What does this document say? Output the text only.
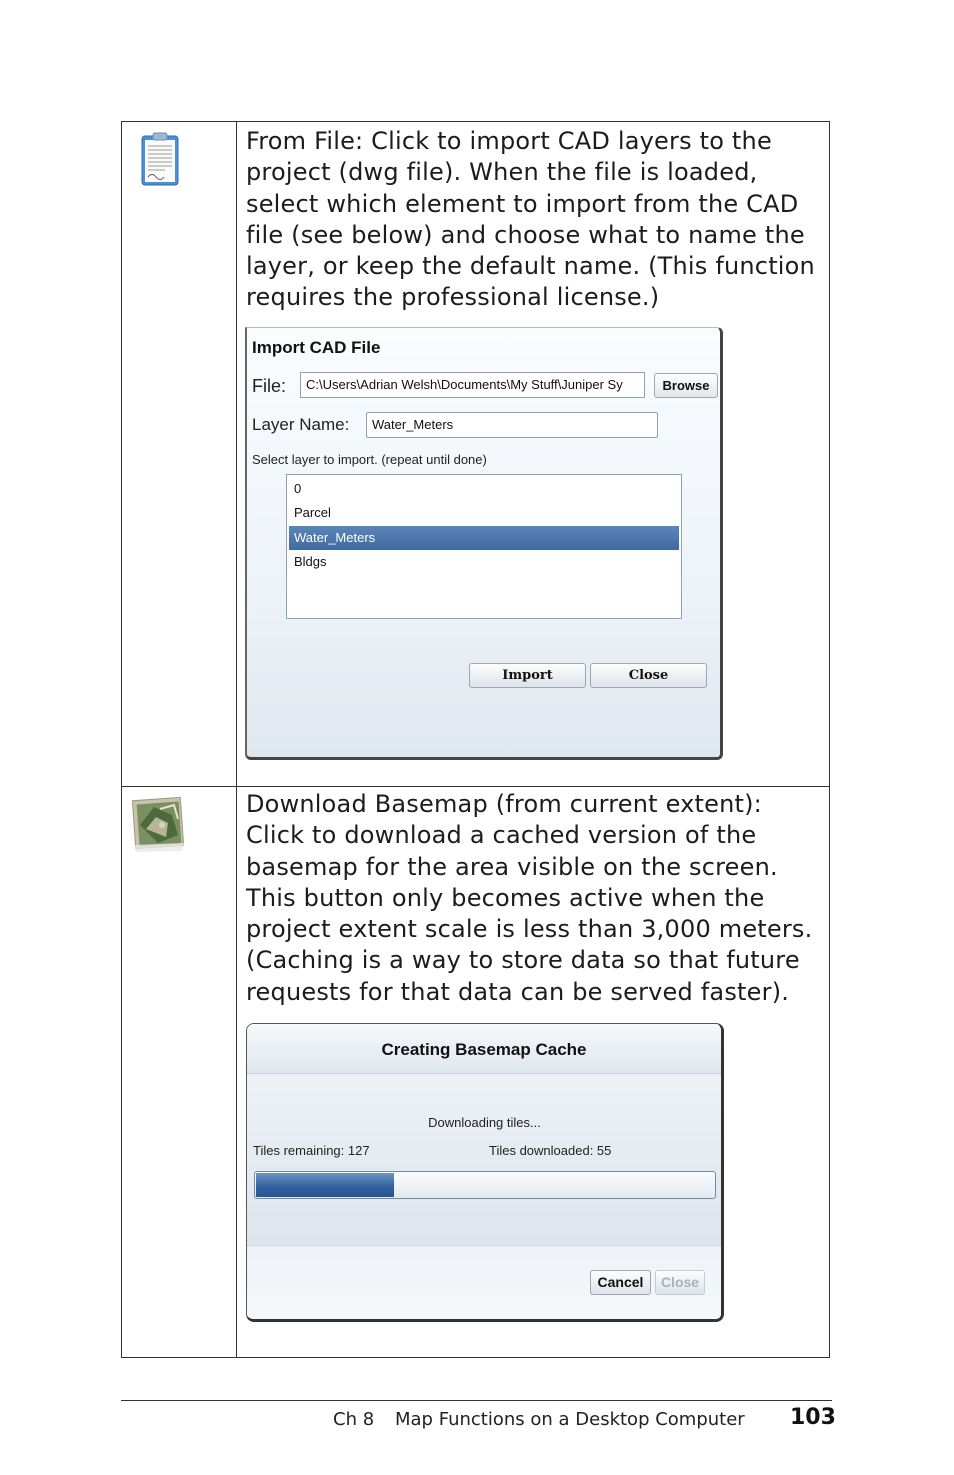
From File: Click to import CAD layers to the project (dwg file). When the file is loaded, select which element to import from the CAD file (see below) and choose what to name the layer, or keep the default name. (This function requires the professional license.)
Import CAD File
File:	C:\Users\Adrian Welsh\Documents\My Stuff\Juniper Sy	Browse
Layer Name:	Water_Meters
Select layer to import. (repeat until done)
0
Parcel
Water_Meters
Bldgs
Import	Close
Download Basemap (from current extent): Click to download a cached version of the basemap for the area visible on the screen. This button only becomes active when the project extent scale is less than 3,000 meters. (Caching is a way to store data so that future requests for that data can be served faster).
Creating Basemap Cache
Downloading tiles...
Tiles remaining: 127	Tiles downloaded: 55
Cancel	Close
Ch 8 Map Functions on a Desktop Computer 103
